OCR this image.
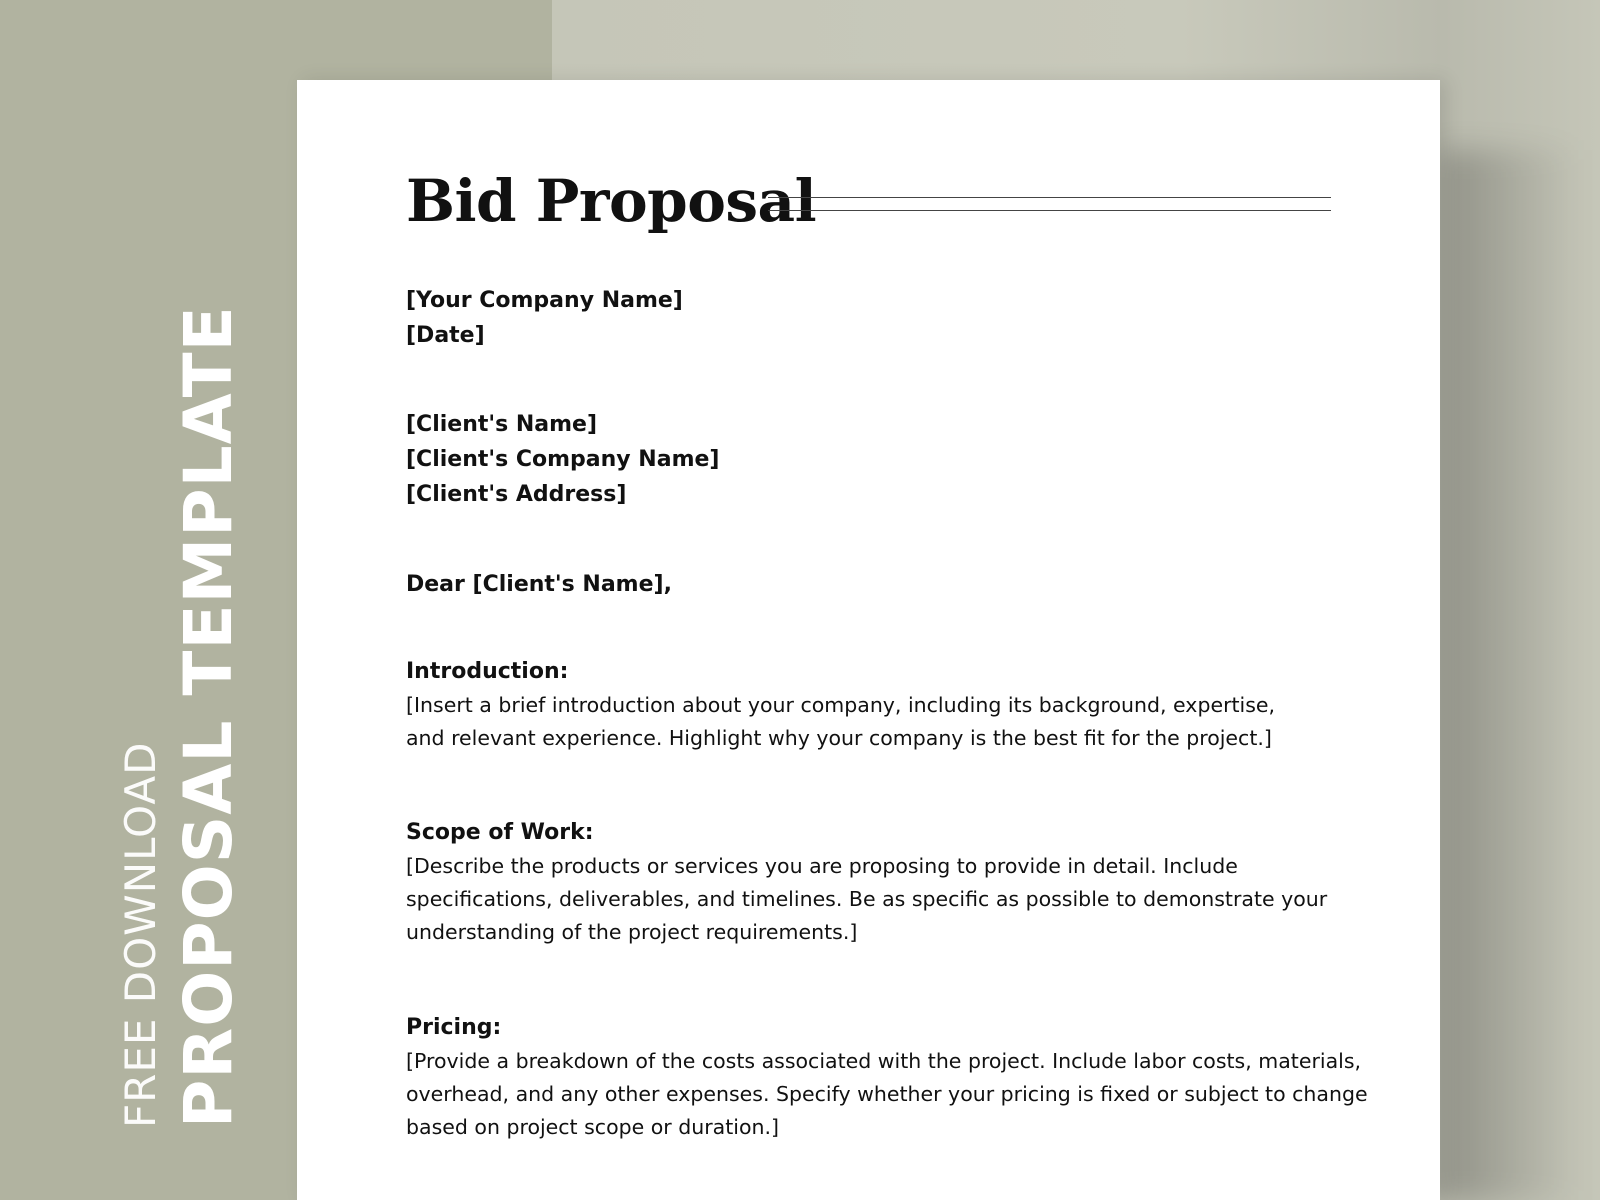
FREE DOWNLOAD PROPOSAL TEMPLATE
Bid Proposal
[Your Company Name]
[Date]
[Client's Name]
[Client's Company Name]
[Client's Address]
Dear [Client's Name],
Introduction:
[Insert a brief introduction about your company, including its background, expertise,
and relevant experience. Highlight why your company is the best fit for the project.]
Scope of Work:
[Describe the products or services you are proposing to provide in detail. Include
specifications, deliverables, and timelines. Be as specific as possible to demonstrate your
understanding of the project requirements.]
Pricing:
[Provide a breakdown of the costs associated with the project. Include labor costs, materials,
overhead, and any other expenses. Specify whether your pricing is fixed or subject to change
based on project scope or duration.]
